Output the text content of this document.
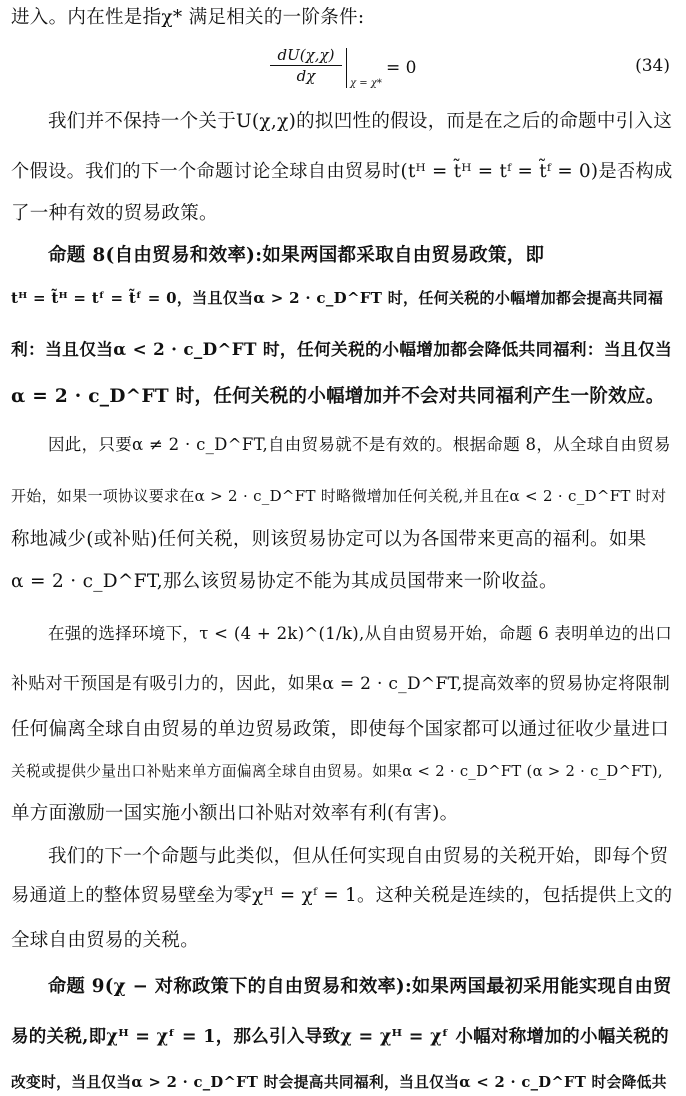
进入。内在性是指χ* 满足相关的一阶条件:
dU(χ,χ)
dχ	χ = χ*
= 0	(34)
我们并不保持一个关于U(χ,χ)的拟凹性的假设，而是在之后的命题中引入这
个假设。我们的下一个命题讨论全球自由贸易时(tᴴ = t̃ᴴ = tᶠ = t̃ᶠ = 0)是否构成
了一种有效的贸易政策。
命题 8(自由贸易和效率):如果两国都采取自由贸易政策，即
tᴴ = t̃ᴴ = tᶠ = t̃ᶠ = 0，当且仅当α > 2 · c_D^FT 时，任何关税的小幅增加都会提高共同福
利：当且仅当α < 2 · c_D^FT 时，任何关税的小幅增加都会降低共同福利：当且仅当
α = 2 · c_D^FT 时，任何关税的小幅增加并不会对共同福利产生一阶效应。
因此，只要α ≠ 2 · c_D^FT,自由贸易就不是有效的。根据命题 8，从全球自由贸易
开始，如果一项协议要求在α > 2 · c_D^FT 时略微增加任何关税,并且在α < 2 · c_D^FT 时对
称地减少(或补贴)任何关税，则该贸易协定可以为各国带来更高的福利。如果
α = 2 · c_D^FT,那么该贸易协定不能为其成员国带来一阶收益。
在强的选择环境下，τ < (4 + 2k)^(1/k),从自由贸易开始，命题 6 表明单边的出口
补贴对干预国是有吸引力的，因此，如果α = 2 · c_D^FT,提高效率的贸易协定将限制
任何偏离全球自由贸易的单边贸易政策，即使每个国家都可以通过征收少量进口
关税或提供少量出口补贴来单方面偏离全球自由贸易。如果α < 2 · c_D^FT (α > 2 · c_D^FT),
单方面激励一国实施小额出口补贴对效率有利(有害)。
我们的下一个命题与此类似，但从任何实现自由贸易的关税开始，即每个贸
易通道上的整体贸易壁垒为零χᴴ = χᶠ = 1。这种关税是连续的，包括提供上文的
全球自由贸易的关税。
命题 9(χ − 对称政策下的自由贸易和效率):如果两国最初采用能实现自由贸
易的关税,即χᴴ = χᶠ = 1，那么引入导致χ = χᴴ = χᶠ 小幅对称增加的小幅关税的
改变时，当且仅当α > 2 · c_D^FT 时会提高共同福利，当且仅当α < 2 · c_D^FT 时会降低共
